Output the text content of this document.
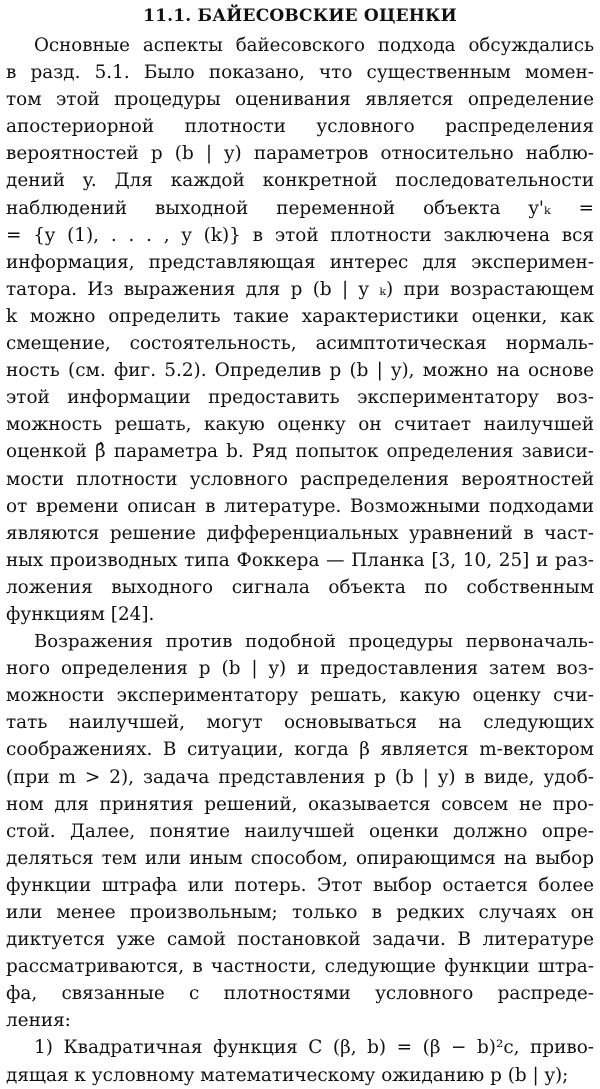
11.1. БАЙЕСОВСКИЕ ОЦЕНКИ
Основные аспекты байесовского подхода обсуждались
в разд. 5.1. Было показано, что существенным момен-
том этой процедуры оценивания является определение
апостериорной плотности условного распределения
вероятностей p (b | y) параметров относительно наблю-
дений y. Для каждой конкретной последовательности
наблюдений выходной переменной объекта y'ₖ =
= {y (1), . . . , y (k)} в этой плотности заключена вся
информация, представляющая интерес для эксперимен-
татора. Из выражения для p (b | y ₖ) при возрастающем
k можно определить такие характеристики оценки, как
смещение, состоятельность, асимптотическая нормаль-
ность (см. фиг. 5.2). Определив p (b | y), можно на основе
этой информации предоставить экспериментатору воз-
можность решать, какую оценку он считает наилучшей
оценкой β̂ параметра b. Ряд попыток определения зависи-
мости плотности условного распределения вероятностей
от времени описан в литературе. Возможными подходами
являются решение дифференциальных уравнений в част-
ных производных типа Фоккера — Планка [3, 10, 25] и раз-
ложения выходного сигнала объекта по собственным
функциям [24].
Возражения против подобной процедуры первоначаль-
ного определения p (b | y) и предоставления затем воз-
можности экспериментатору решать, какую оценку счи-
тать наилучшей, могут основываться на следующих
соображениях. В ситуации, когда β является m-вектором
(при m > 2), задача представления p (b | y) в виде, удоб-
ном для принятия решений, оказывается совсем не про-
стой. Далее, понятие наилучшей оценки должно опре-
деляться тем или иным способом, опирающимся на выбор
функции штрафа или потерь. Этот выбор остается более
или менее произвольным; только в редких случаях он
диктуется уже самой постановкой задачи. В литературе
рассматриваются, в частности, следующие функции штра-
фа, связанные с плотностями условного распреде-
ления:
1) Квадратичная функция C (β, b) = (β − b)²c, приво-
дящая к условному математическому ожиданию p (b | y);
